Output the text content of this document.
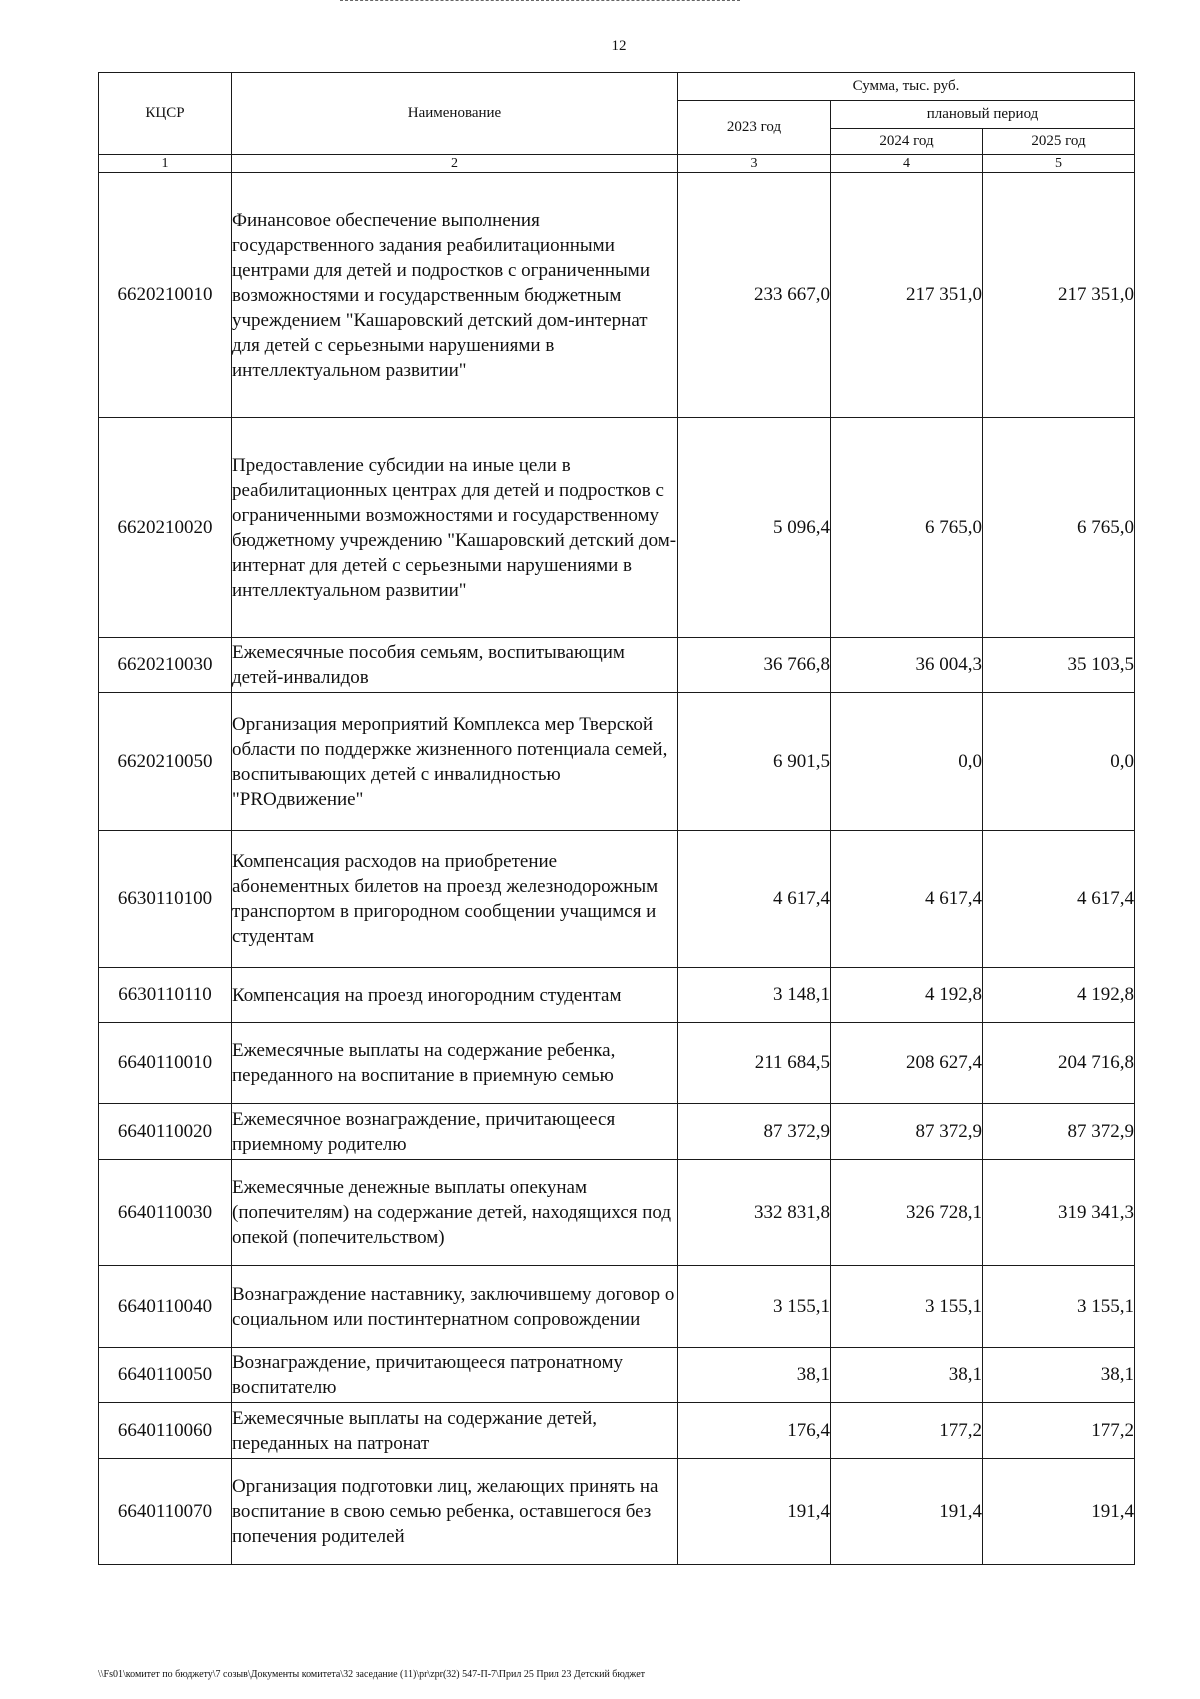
12
КЦСР	Наименование	Сумма, тыс. руб.		
		2023 год	плановый период	
			2024 год	2025 год
1	2	3	4	5
6620210010	Финансовое обеспечение выполнения государственного задания реабилитационными центрами для детей и подростков с ограниченными возможностями и государственным бюджетным учреждением "Кашаровский детский дом-интернат для детей с серьезными нарушениями в интеллектуальном развитии"	233 667,0	217 351,0	217 351,0
6620210020	Предоставление субсидии на иные цели в реабилитационных центрах для детей и подростков с ограниченными возможностями и государственному бюджетному учреждению "Кашаровский детский дом-интернат для детей с серьезными нарушениями в интеллектуальном развитии"	5 096,4	6 765,0	6 765,0
6620210030	Ежемесячные пособия семьям, воспитывающим детей-инвалидов	36 766,8	36 004,3	35 103,5
6620210050	Организация мероприятий Комплекса мер Тверской области по поддержке жизненного потенциала семей, воспитывающих детей с инвалидностью "PROдвижение"	6 901,5	0,0	0,0
6630110100	Компенсация расходов на приобретение абонементных билетов на проезд железнодорожным транспортом в пригородном сообщении учащимся и студентам	4 617,4	4 617,4	4 617,4
6630110110	Компенсация на проезд иногородним студентам	3 148,1	4 192,8	4 192,8
6640110010	Ежемесячные выплаты на содержание ребенка, переданного на воспитание в приемную семью	211 684,5	208 627,4	204 716,8
6640110020	Ежемесячное вознаграждение, причитающееся приемному родителю	87 372,9	87 372,9	87 372,9
6640110030	Ежемесячные денежные выплаты опекунам (попечителям) на содержание детей, находящихся под опекой (попечительством)	332 831,8	326 728,1	319 341,3
6640110040	Вознаграждение наставнику, заключившему договор о социальном или постинтернатном сопровождении	3 155,1	3 155,1	3 155,1
6640110050	Вознаграждение, причитающееся патронатному воспитателю	38,1	38,1	38,1
6640110060	Ежемесячные выплаты на содержание детей, переданных на патронат	176,4	177,2	177,2
6640110070	Организация подготовки лиц, желающих принять на воспитание в свою семью ребенка, оставшегося без попечения родителей	191,4	191,4	191,4
\\Fs01\комитет по бюджету\7 созыв\Документы комитета\32 заседание (11)\pr\zpr(32) 547-П-7\Прил 25 Прил 23 Детский бюджет
